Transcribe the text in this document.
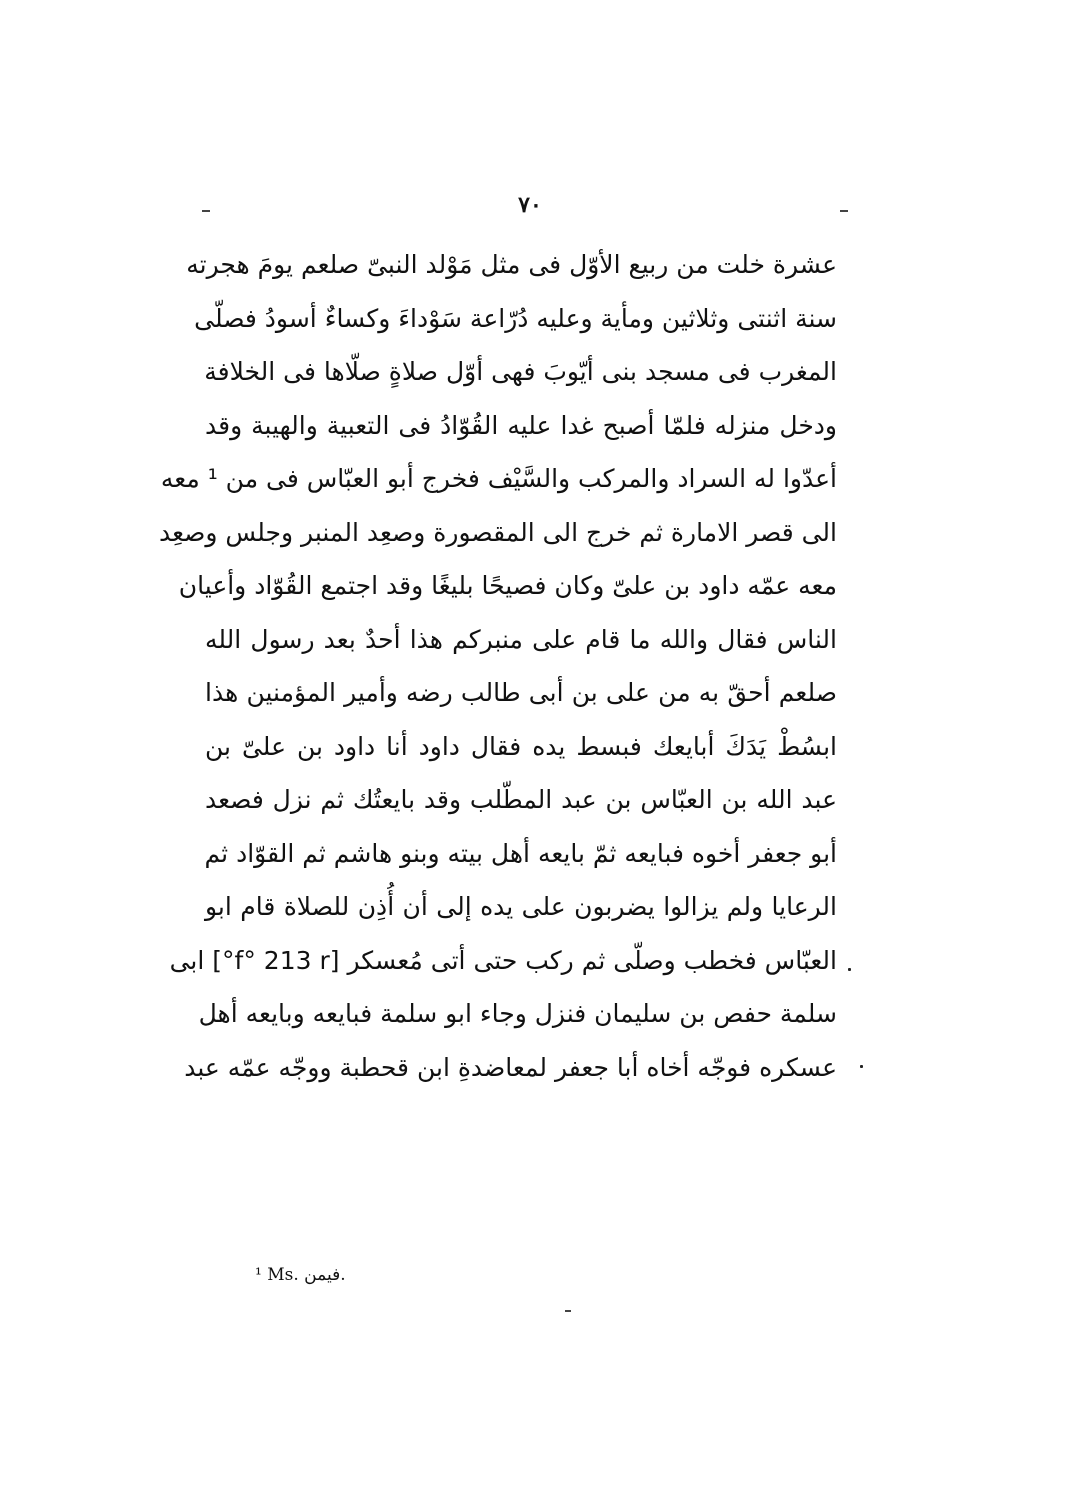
٧٠
عشرة خلت من ربيع الأوّل فى مثل مَوْلد النبىّ صلعم يومَ هجرته
سنة اثنتى وثلاثين ومأية وعليه دُرّاعة سَوْداءَ وكساءٌ أسودُ فصلّى
المغرب فى مسجد بنى أيّوبَ فهى أوّل صلاةٍ صلّاها فى الخلافة
ودخل منزله فلمّا أصبح غدا عليه القُوّادُ فى التعبية والهيبة وقد
أعدّوا له السراد والمركب والسَّيْف فخرج أبو العبّاس فى من ¹ معه
الى قصر الامارة ثم خرج الى المقصورة وصعِد المنبر وجلس وصعِد
معه عمّه داود بن علىّ وكان فصيحًا بليغًا وقد اجتمع القُوّاد وأعيان
الناس فقال والله ما قام على منبركم هذا أحدٌ بعد رسول الله
صلعم أحقّ به من على بن أبى طالب رضه وأمير المؤمنين هذا
ابسُطْ يَدَكَ أبايعك فبسط يده فقال داود أنا داود بن علىّ بن
عبد الله بن العبّاس بن عبد المطّلب وقد بايعتُك ثم نزل فصعد
أبو جعفر أخوه فبايعه ثمّ بايعه أهل بيته وبنو هاشم ثم القوّاد ثم
الرعايا ولم يزالوا يضربون على يده إلى أن أُذِن للصلاة قام ابو
العبّاس فخطب وصلّى ثم ركب حتى أتى مُعسكر [f° 213 r°] ابى
سلمة حفص بن سليمان فنزل وجاء ابو سلمة فبايعه وبايعه أهل
عسكره فوجّه أخاه أبا جعفر لمعاضدةِ ابن قحطبة ووجّه عمّه عبد
¹ Ms. فيمن.
